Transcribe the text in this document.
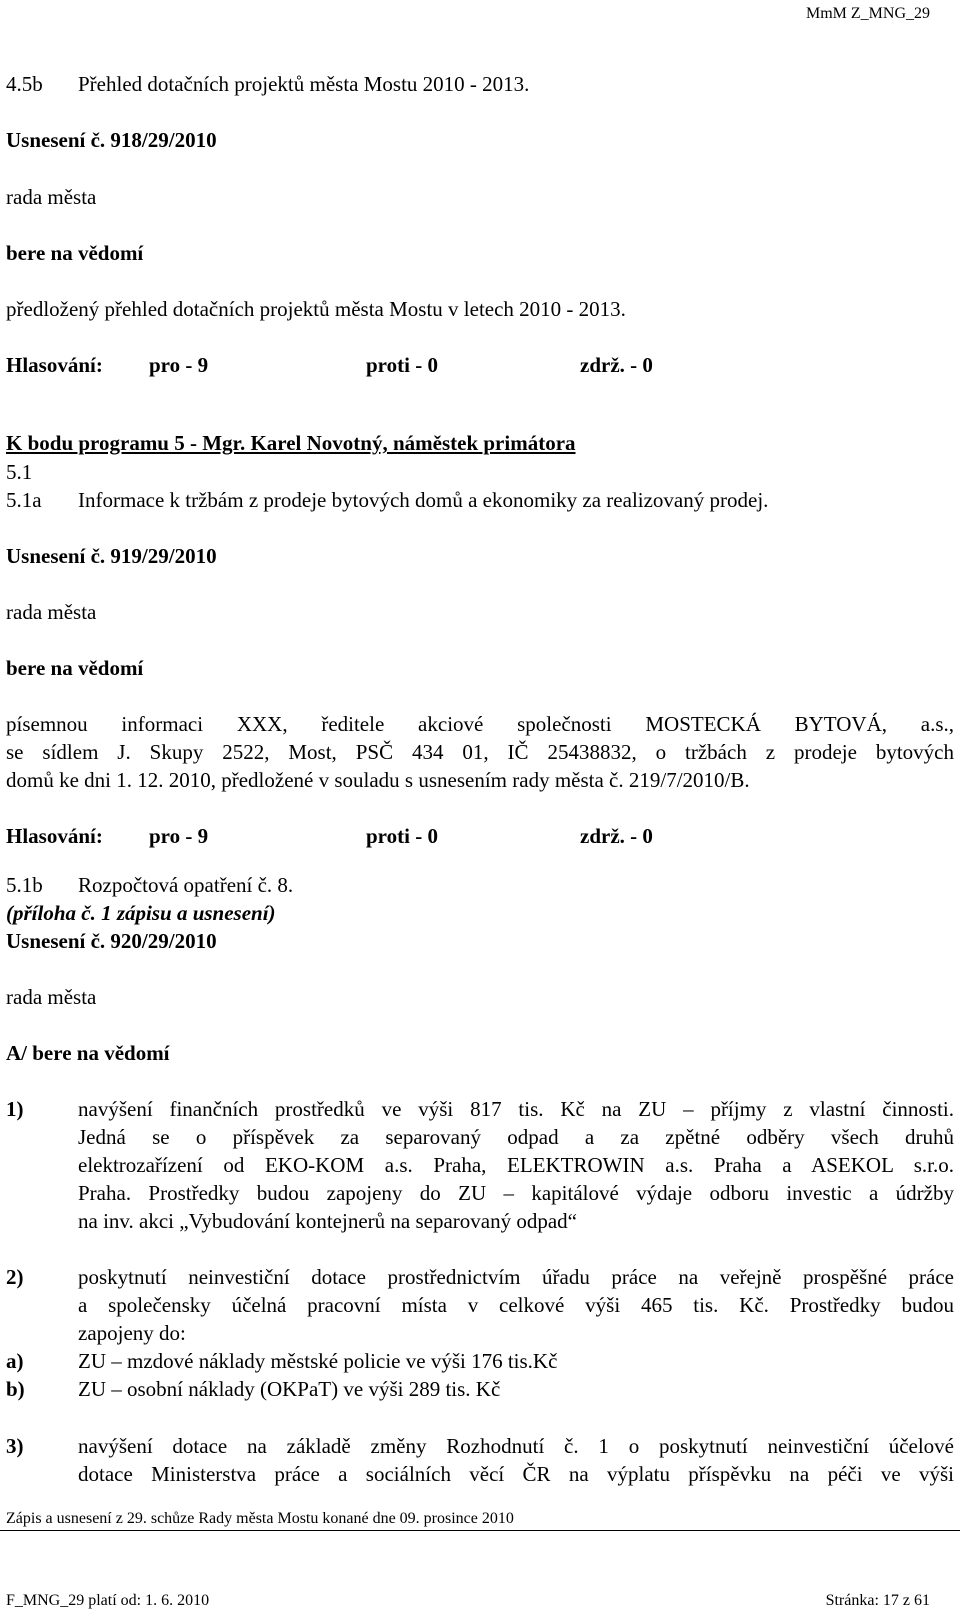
MmM Z_MNG_29
4.5b Přehled dotačních projektů města Mostu 2010 - 2013.
Usnesení č. 918/29/2010
rada města
bere na vědomí
předložený přehled dotačních projektů města Mostu v letech 2010 - 2013.
Hlasování: pro - 9	proti - 0	zdrž. - 0
K bodu programu 5 - Mgr. Karel Novotný, náměstek primátora
5.1
5.1a Informace k tržbám z prodeje bytových domů a ekonomiky za realizovaný prodej.
Usnesení č. 919/29/2010
rada města
bere na vědomí
písemnou informaci XXX, ředitele akciové společnosti MOSTECKÁ BYTOVÁ, a.s.,
se sídlem J. Skupy 2522, Most, PSČ 434 01, IČ 25438832, o tržbách z prodeje bytových
domů ke dni 1. 12. 2010, předložené v souladu s usnesením rady města č. 219/7/2010/B.
Hlasování: pro - 9	proti - 0	zdrž. - 0
5.1b Rozpočtová opatření č. 8.
(příloha č. 1 zápisu a usnesení)
Usnesení č. 920/29/2010
rada města
A/ bere na vědomí
1)	navýšení finančních prostředků ve výši 817 tis. Kč na ZU – příjmy z vlastní činnosti.
Jedná se o příspěvek za separovaný odpad a za zpětné odběry všech druhů
elektrozařízení od EKO-KOM a.s. Praha, ELEKTROWIN a.s. Praha a ASEKOL s.r.o.
Praha. Prostředky budou zapojeny do ZU – kapitálové výdaje odboru investic a údržby
na inv. akci „Vybudování kontejnerů na separovaný odpad“
2)	poskytnutí neinvestiční dotace prostřednictvím úřadu práce na veřejně prospěšné práce
a společensky účelná pracovní místa v celkové výši 465 tis. Kč. Prostředky budou
zapojeny do:
a)	ZU – mzdové náklady městské policie ve výši 176 tis.Kč
b)	ZU – osobní náklady (OKPaT) ve výši 289 tis. Kč
3)	navýšení dotace na základě změny Rozhodnutí č. 1 o poskytnutí neinvestiční účelové
dotace Ministerstva práce a sociálních věcí ČR na výplatu příspěvku na péči ve výši
Zápis a usnesení z 29. schůze Rady města Mostu konané dne 09. prosince 2010
F_MNG_29 platí od: 1. 6. 2010	Stránka: 17 z 61
